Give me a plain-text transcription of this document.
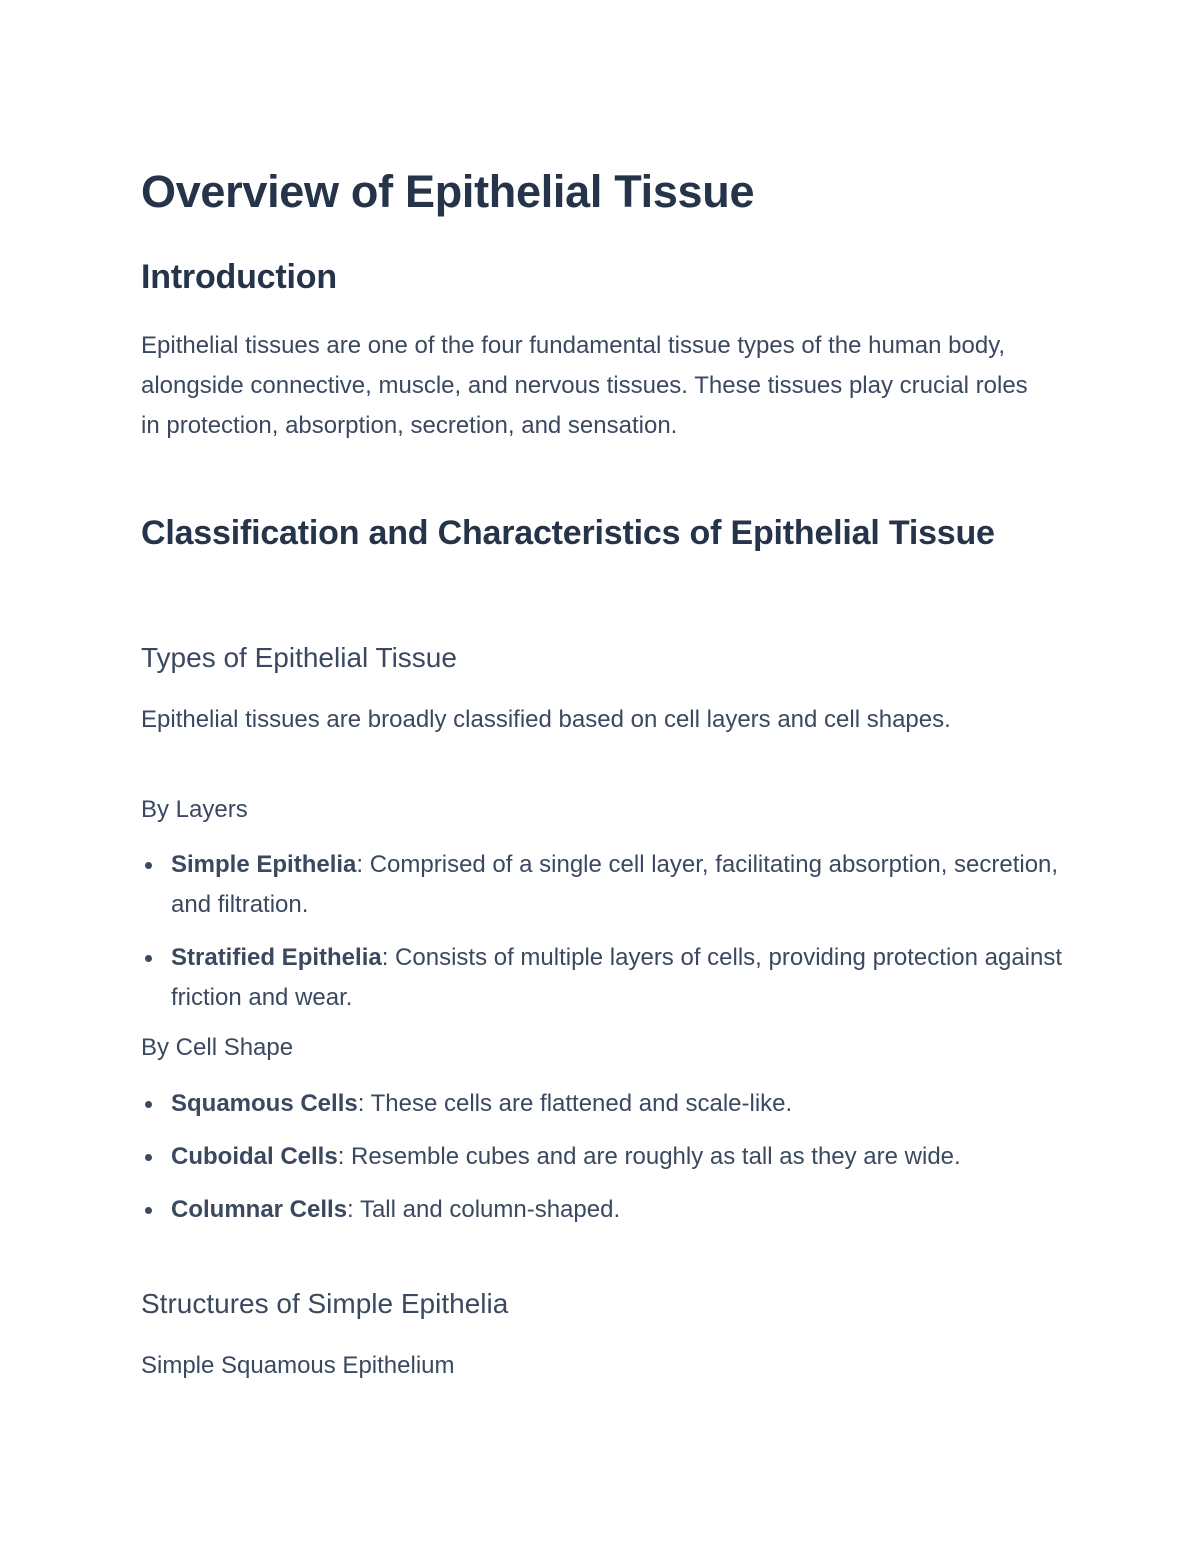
Overview of Epithelial Tissue
Introduction

Epithelial tissues are one of the four fundamental tissue types of the human body, alongside connective, muscle, and nervous tissues. These tissues play crucial roles in protection, absorption, secretion, and sensation.

Classification and Characteristics of Epithelial Tissue
Types of Epithelial Tissue

Epithelial tissues are broadly classified based on cell layers and cell shapes.

By Layers
Simple Epithelia: Comprised of a single cell layer, facilitating absorption, secretion, and filtration.
Stratified Epithelia: Consists of multiple layers of cells, providing protection against friction and wear.
By Cell Shape
Squamous Cells: These cells are flattened and scale-like.
Cuboidal Cells: Resemble cubes and are roughly as tall as they are wide.
Columnar Cells: Tall and column-shaped.
Structures of Simple Epithelia
Simple Squamous Epithelium
